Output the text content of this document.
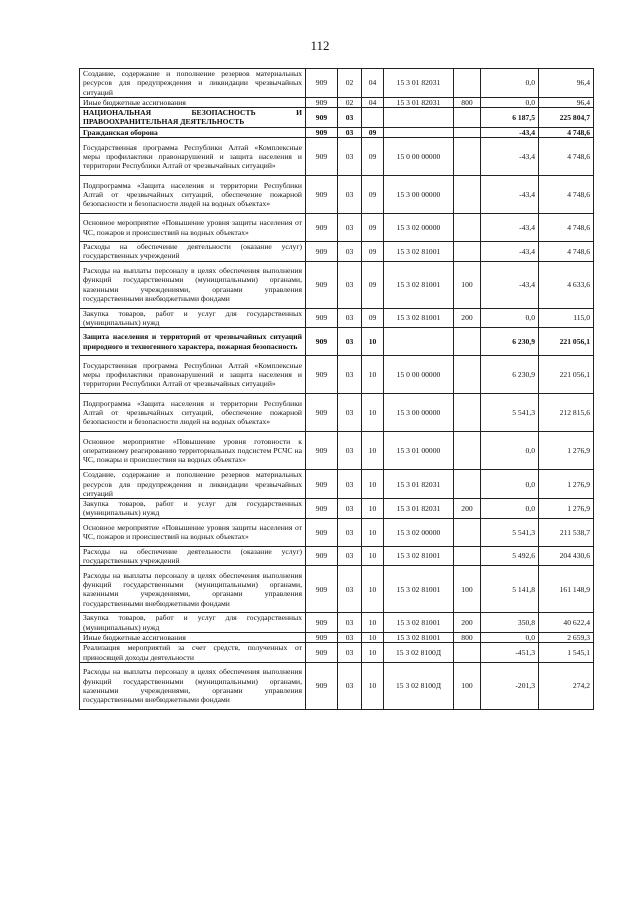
112
Создание, содержание и пополнение резервов материальных ресурсов для предупреждения и ликвидации чрезвычайных ситуаций	909	02	04	15 3 01 82031		0,0	96,4
Иные бюджетные ассигнования	909	02	04	15 3 01 82031	800	0,0	96,4
НАЦИОНАЛЬНАЯ БЕЗОПАСНОСТЬ И ПРАВООХРАНИТЕЛЬНАЯ ДЕЯТЕЛЬНОСТЬ	909	03				6 187,5	225 804,7
Гражданская оборона	909	03	09			-43,4	4 748,6
Государственная программа Республики Алтай «Комплексные меры профилактики правонарушений и защита населения и территории Республики Алтай от чрезвычайных ситуаций»	909	03	09	15 0 00 00000		-43,4	4 748,6
Подпрограмма «Защита населения и территории Республики Алтай от чрезвычайных ситуаций, обеспечение пожарной безопасности и безопасности людей на водных объектах»	909	03	09	15 3 00 00000		-43,4	4 748,6
Основное мероприятие «Повышение уровня защиты населения от ЧС, пожаров и происшествий на водных объектах»	909	03	09	15 3 02 00000		-43,4	4 748,6
Расходы на обеспечение деятельности (оказание услуг) государственных учреждений	909	03	09	15 3 02 81001		-43,4	4 748,6
Расходы на выплаты персоналу в целях обеспечения выполнения функций государственными (муниципальными) органами, казенными учреждениями, органами управления государственными внебюджетными фондами	909	03	09	15 3 02 81001	100	-43,4	4 633,6
Закупка товаров, работ и услуг для государственных (муниципальных) нужд	909	03	09	15 3 02 81001	200	0,0	115,0
Защита населения и территорий от чрезвычайных ситуаций природного и техногенного характера, пожарная безопасность	909	03	10			6 230,9	221 056,1
Государственная программа Республики Алтай «Комплексные меры профилактики правонарушений и защита населения и территории Республики Алтай от чрезвычайных ситуаций»	909	03	10	15 0 00 00000		6 230,9	221 056,1
Подпрограмма «Защита населения и территории Республики Алтай от чрезвычайных ситуаций, обеспечение пожарной безопасности и безопасности людей на водных объектах»	909	03	10	15 3 00 00000		5 541,3	212 815,6
Основное мероприятие «Повышение уровня готовности к оперативному реагированию территориальных подсистем РСЧС на ЧС, пожары и происшествия на водных объектах»	909	03	10	15 3 01 00000		0,0	1 276,9
Создание, содержание и пополнение резервов материальных ресурсов для предупреждения и ликвидации чрезвычайных ситуаций	909	03	10	15 3 01 82031		0,0	1 276,9
Закупка товаров, работ и услуг для государственных (муниципальных) нужд	909	03	10	15 3 01 82031	200	0,0	1 276,9
Основное мероприятие «Повышение уровня защиты населения от ЧС, пожаров и происшествий на водных объектах»	909	03	10	15 3 02 00000		5 541,3	211 538,7
Расходы на обеспечение деятельности (оказание услуг) государственных учреждений	909	03	10	15 3 02 81001		5 492,6	204 430,6
Расходы на выплаты персоналу в целях обеспечения выполнения функций государственными (муниципальными) органами, казенными учреждениями, органами управления государственными внебюджетными фондами	909	03	10	15 3 02 81001	100	5 141,8	161 148,9
Закупка товаров, работ и услуг для государственных (муниципальных) нужд	909	03	10	15 3 02 81001	200	350,8	40 622,4
Иные бюджетные ассигнования	909	03	10	15 3 02 81001	800	0,0	2 659,3
Реализация мероприятий за счет средств, полученных от приносящей доходы деятельности	909	03	10	15 3 02 8100Д		-451,3	1 545,1
Расходы на выплаты персоналу в целях обеспечения выполнения функций государственными (муниципальными) органами, казенными учреждениями, органами управления государственными внебюджетными фондами	909	03	10	15 3 02 8100Д	100	-201,3	274,2
